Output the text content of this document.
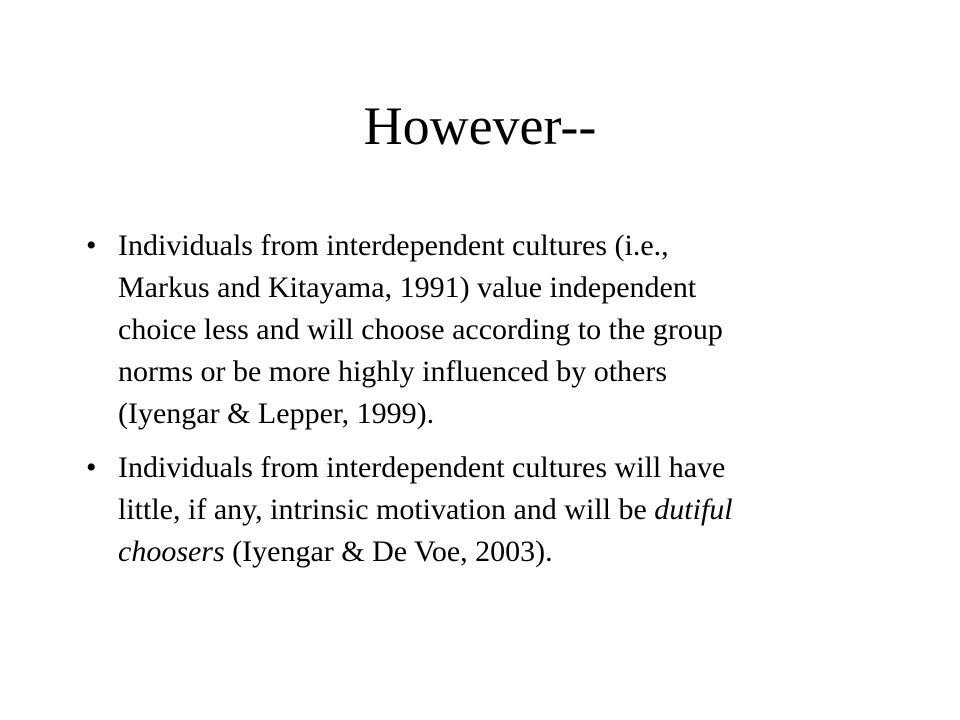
However--
• Individuals from interdependent cultures (i.e.,
Markus and Kitayama, 1991) value independent
choice less and will choose according to the group
norms or be more highly influenced by others
(Iyengar & Lepper, 1999).
• Individuals from interdependent cultures will have
little, if any, intrinsic motivation and will be dutiful
choosers (Iyengar & De Voe, 2003).
